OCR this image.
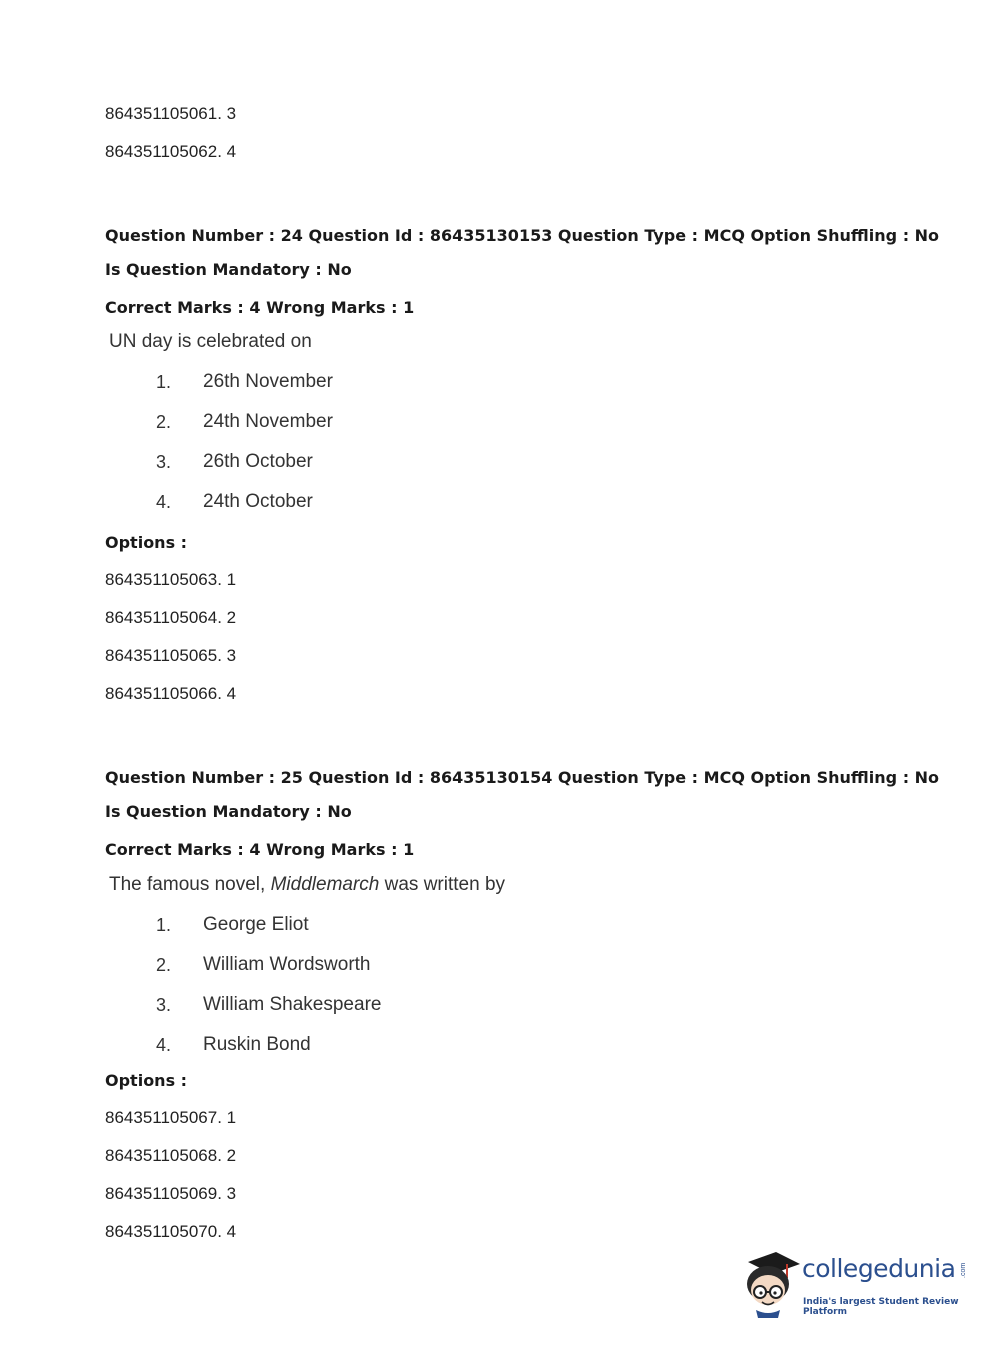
864351105061. 3
864351105062. 4
Question Number : 24 Question Id : 86435130153 Question Type : MCQ Option Shuffling : No
Is Question Mandatory : No
Correct Marks : 4 Wrong Marks : 1
UN day is celebrated on
1. 26th November
2. 24th November
3. 26th October
4. 24th October
Options :
864351105063. 1
864351105064. 2
864351105065. 3
864351105066. 4
Question Number : 25 Question Id : 86435130154 Question Type : MCQ Option Shuffling : No
Is Question Mandatory : No
Correct Marks : 4 Wrong Marks : 1
The famous novel, Middlemarch was written by
1. George Eliot
2. William Wordsworth
3. William Shakespeare
4. Ruskin Bond
Options :
864351105067. 1
864351105068. 2
864351105069. 3
864351105070. 4
collegedunia .com
India's largest Student Review Platform
